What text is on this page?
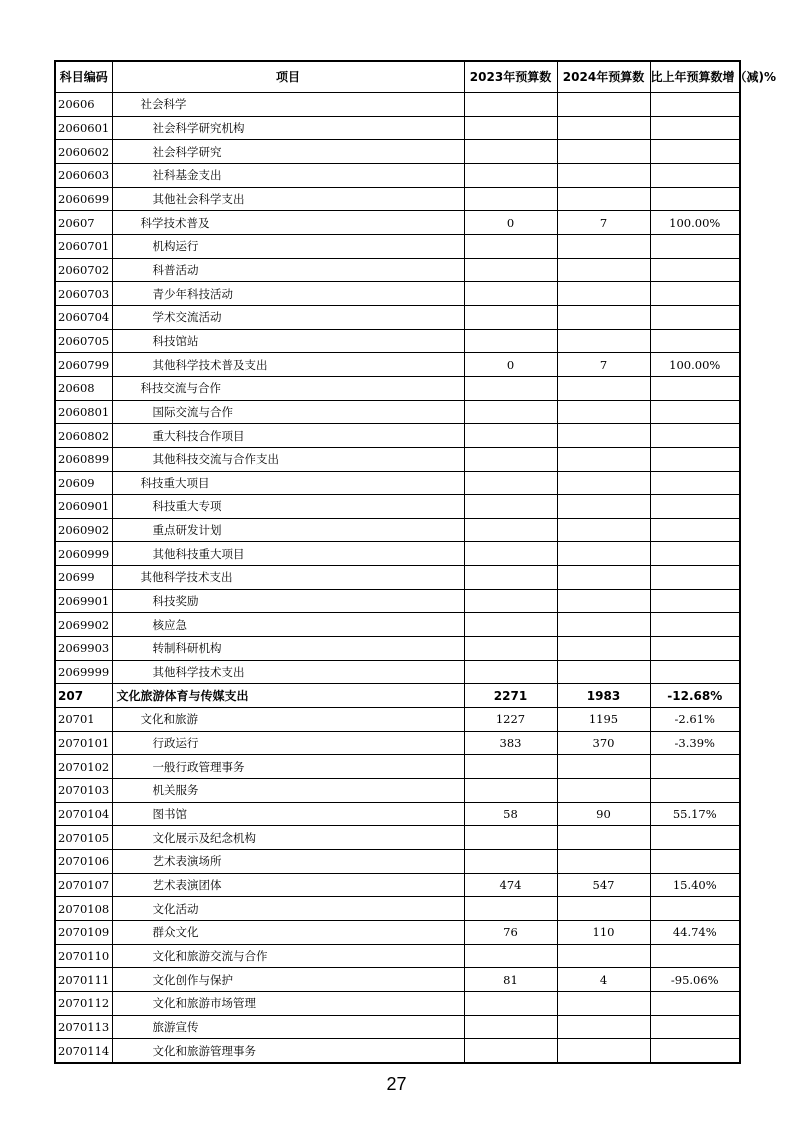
科目编码	项目	2023年预算数	2024年预算数	比上年预算数增（减)%
20606	社会科学			
2060601	社会科学研究机构			
2060602	社会科学研究			
2060603	社科基金支出			
2060699	其他社会科学支出			
20607	科学技术普及	0	7	100.00%
2060701	机构运行			
2060702	科普活动			
2060703	青少年科技活动			
2060704	学术交流活动			
2060705	科技馆站			
2060799	其他科学技术普及支出	0	7	100.00%
20608	科技交流与合作			
2060801	国际交流与合作			
2060802	重大科技合作项目			
2060899	其他科技交流与合作支出			
20609	科技重大项目			
2060901	科技重大专项			
2060902	重点研发计划			
2060999	其他科技重大项目			
20699	其他科学技术支出			
2069901	科技奖励			
2069902	核应急			
2069903	转制科研机构			
2069999	其他科学技术支出			
207	文化旅游体育与传媒支出	2271	1983	-12.68%
20701	文化和旅游	1227	1195	-2.61%
2070101	行政运行	383	370	-3.39%
2070102	一般行政管理事务			
2070103	机关服务			
2070104	图书馆	58	90	55.17%
2070105	文化展示及纪念机构			
2070106	艺术表演场所			
2070107	艺术表演团体	474	547	15.40%
2070108	文化活动			
2070109	群众文化	76	110	44.74%
2070110	文化和旅游交流与合作			
2070111	文化创作与保护	81	4	-95.06%
2070112	文化和旅游市场管理			
2070113	旅游宣传			
2070114	文化和旅游管理事务			
27
